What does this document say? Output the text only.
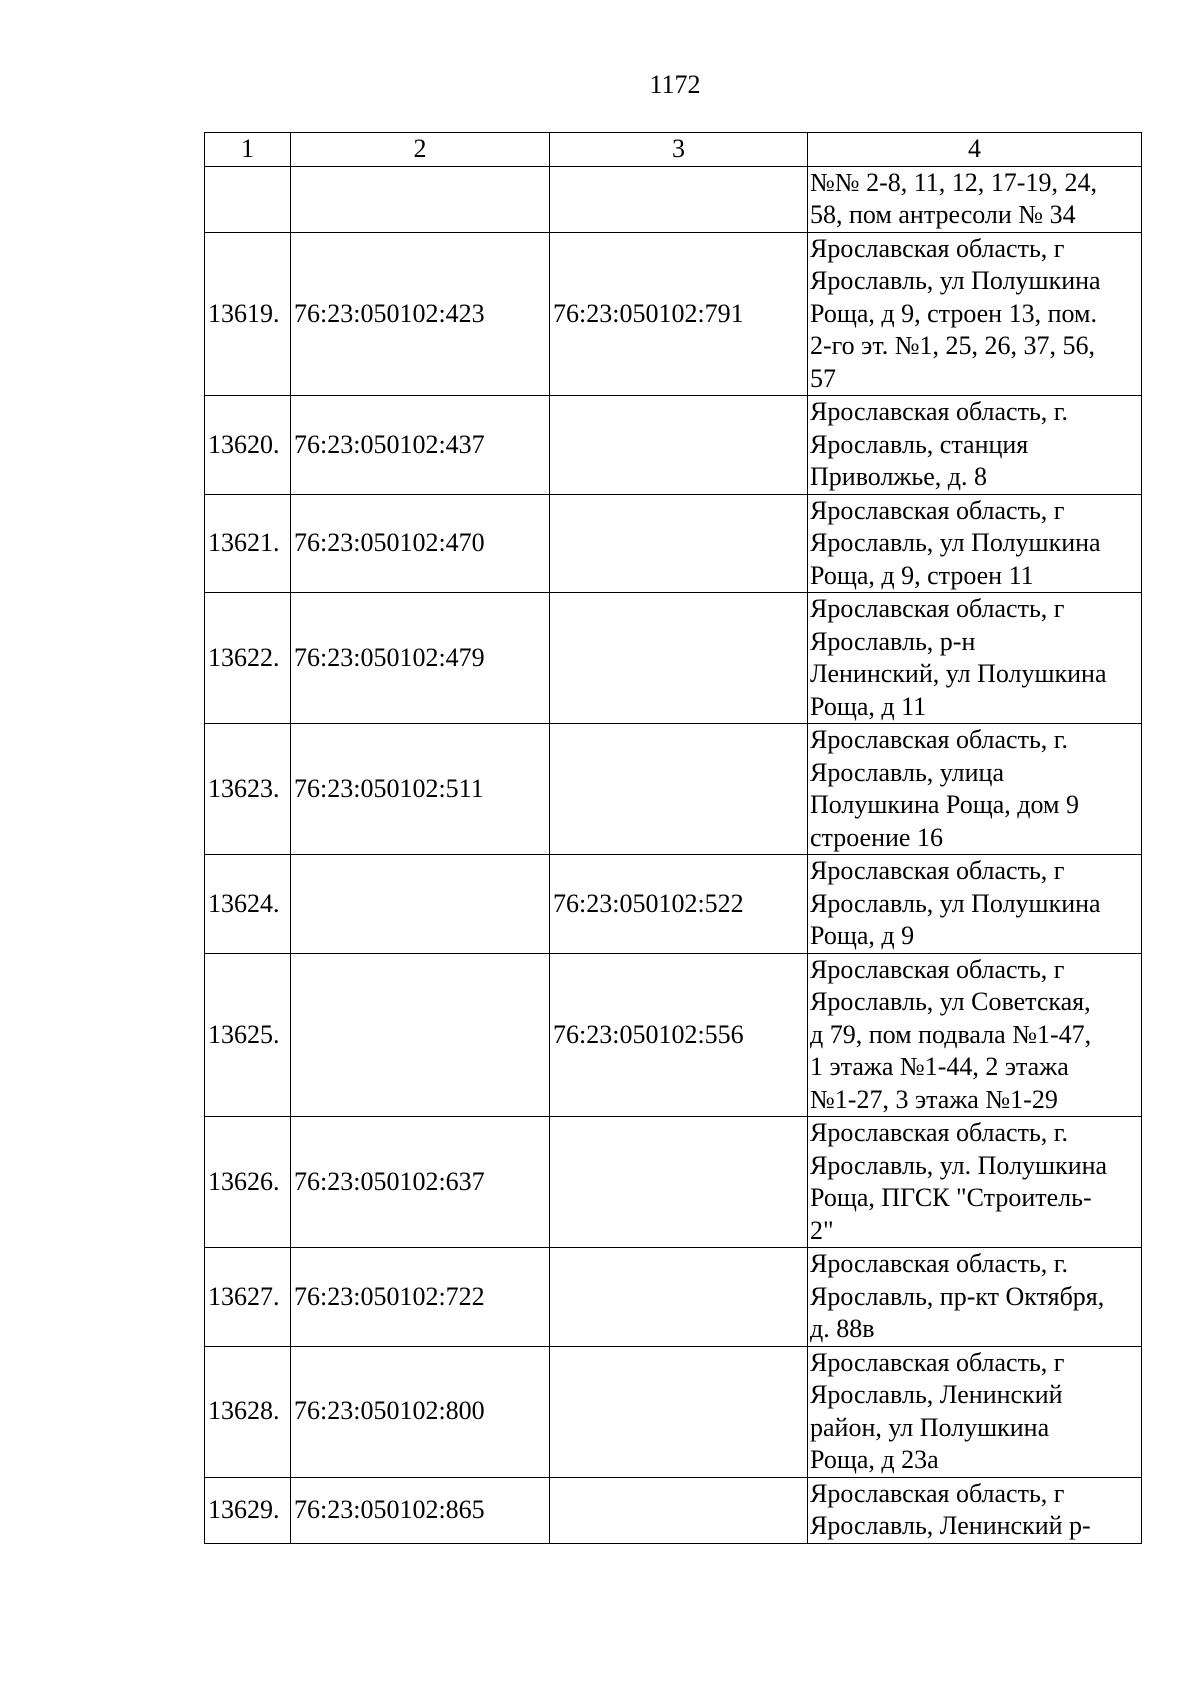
1172
1	2	3	4
			№№ 2-8, 11, 12, 17-19, 24,
58, пом антресоли № 34
13619.	76:23:050102:423	76:23:050102:791	Ярославская область, г
Ярославль, ул Полушкина
Роща, д 9, строен 13, пом.
2-го эт. №1, 25, 26, 37, 56,
57
13620.	76:23:050102:437		Ярославская область, г.
Ярославль, станция
Приволжье, д. 8
13621.	76:23:050102:470		Ярославская область, г
Ярославль, ул Полушкина
Роща, д 9, строен 11
13622.	76:23:050102:479		Ярославская область, г
Ярославль, р-н
Ленинский, ул Полушкина
Роща, д 11
13623.	76:23:050102:511		Ярославская область, г.
Ярославль, улица
Полушкина Роща, дом 9
строение 16
13624.		76:23:050102:522	Ярославская область, г
Ярославль, ул Полушкина
Роща, д 9
13625.		76:23:050102:556	Ярославская область, г
Ярославль, ул Советская,
д 79, пом подвала №1-47,
1 этажа №1-44, 2 этажа
№1-27, 3 этажа №1-29
13626.	76:23:050102:637		Ярославская область, г.
Ярославль, ул. Полушкина
Роща, ПГСК "Строитель-
2"
13627.	76:23:050102:722		Ярославская область, г.
Ярославль, пр-кт Октября,
д. 88в
13628.	76:23:050102:800		Ярославская область, г
Ярославль, Ленинский
район, ул Полушкина
Роща, д 23а
13629.	76:23:050102:865		Ярославская область, г
Ярославль, Ленинский р-
